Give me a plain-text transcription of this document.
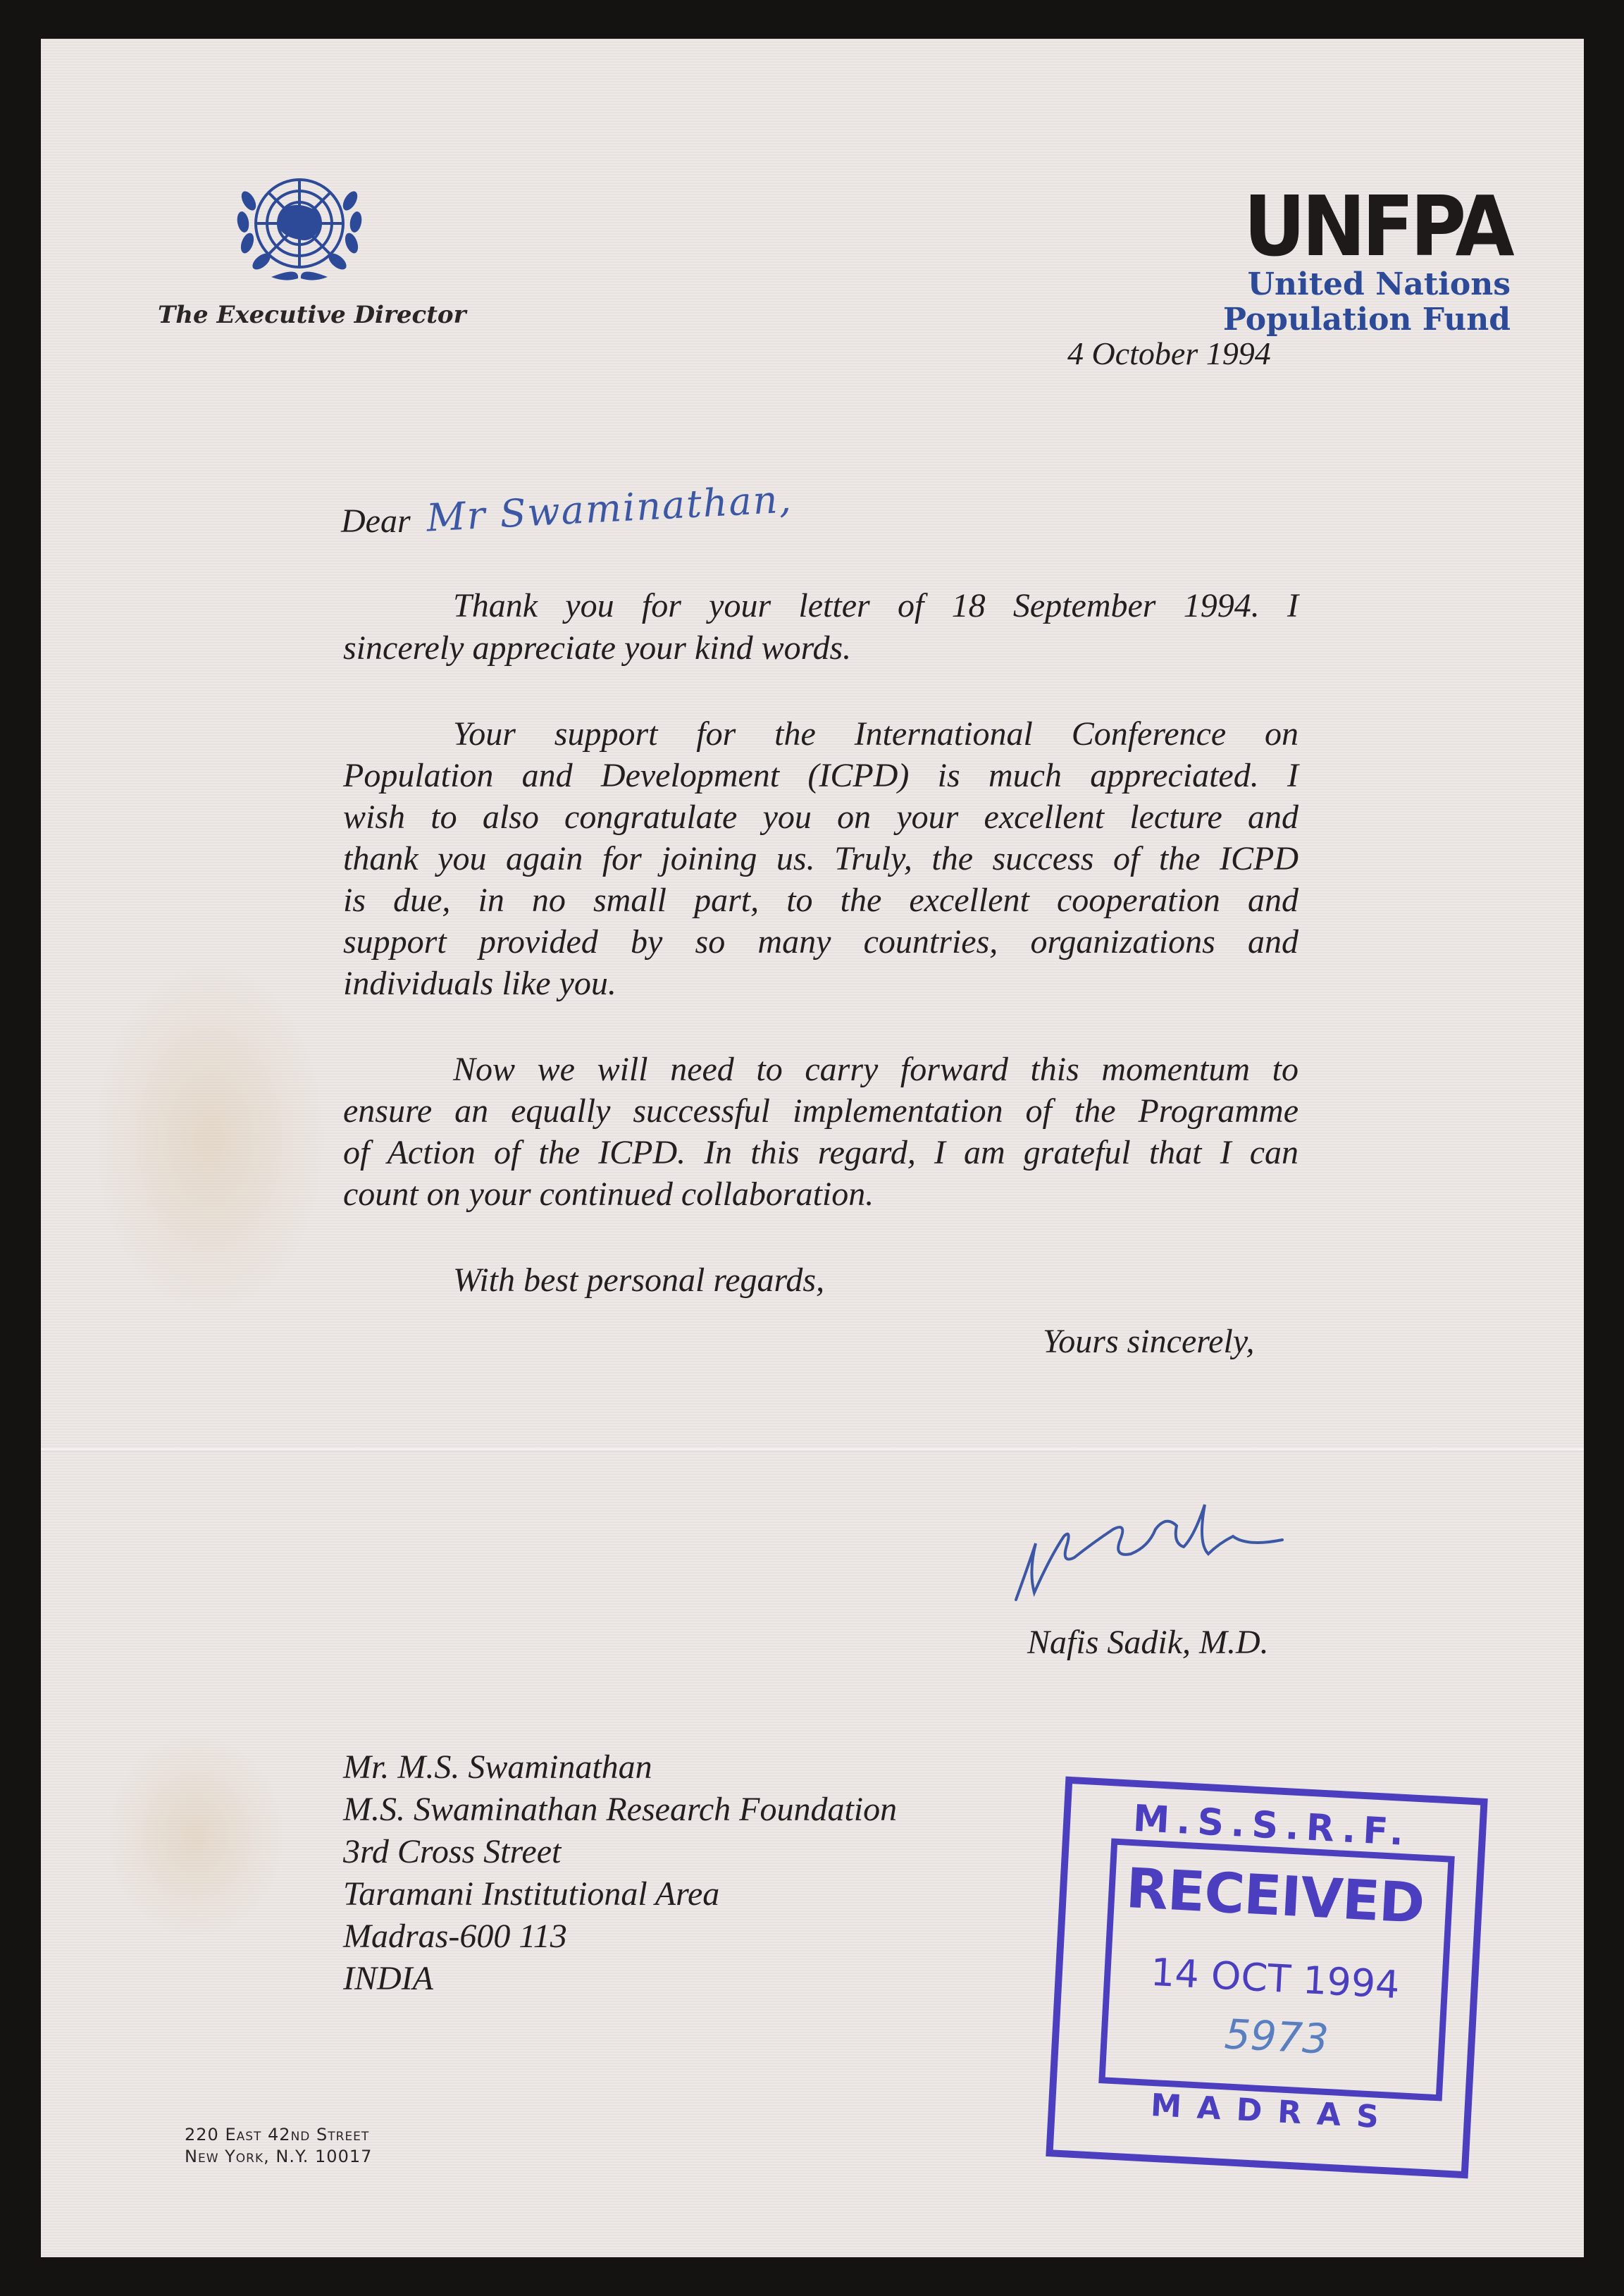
The Executive Director
UNFPA
United Nations
Population Fund
4 October 1994
Dear Mr Swaminathan,
Thank you for your letter of 18 September 1994. I
sincerely appreciate your kind words.
Your support for the International Conference on
Population and Development (ICPD) is much appreciated. I
wish to also congratulate you on your excellent lecture and
thank you again for joining us. Truly, the success of the ICPD
is due, in no small part, to the excellent cooperation and
support provided by so many countries, organizations and
individuals like you.
Now we will need to carry forward this momentum to
ensure an equally successful implementation of the Programme
of Action of the ICPD. In this regard, I am grateful that I can
count on your continued collaboration.
With best personal regards,
Yours sincerely,
Nafis Sadik, M.D.
Mr. M.S. Swaminathan
M.S. Swaminathan Research Foundation
3rd Cross Street
Taramani Institutional Area
Madras-600 113
INDIA
220 East 42nd Street
New York, N.Y. 10017
M.S.S.R.F.
RECEIVED
14 OCT 1994
5973
MADRAS
